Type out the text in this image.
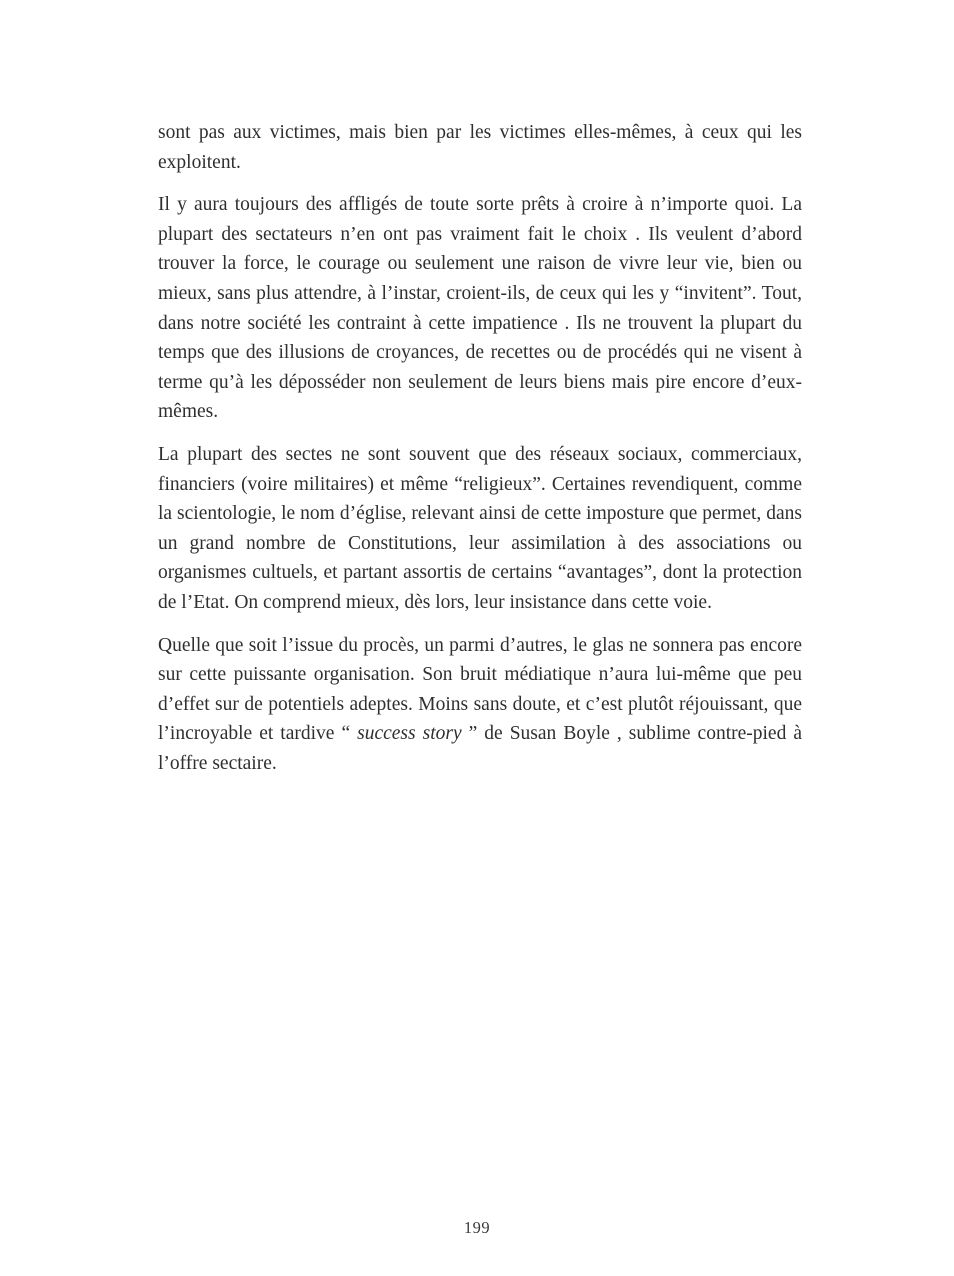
sont pas aux victimes, mais bien par les victimes elles-mêmes, à ceux qui les exploitent.

Il y aura toujours des affligés de toute sorte prêts à croire à n’importe quoi. La plupart des sectateurs n’en ont pas vraiment fait le choix . Ils veulent d’abord trouver la force, le courage ou seulement une raison de vivre leur vie, bien ou mieux, sans plus attendre, à l’instar, croient-ils, de ceux qui les y “invitent”. Tout, dans notre société les contraint à cette impatience . Ils ne trouvent la plupart du temps que des illusions de croyances, de recettes ou de procédés qui ne visent à terme qu’à les déposséder non seulement de leurs biens mais pire encore d’eux-mêmes.

La plupart des sectes ne sont souvent que des réseaux sociaux, commerciaux, financiers (voire militaires) et même “religieux”. Certaines revendiquent, comme la scientologie, le nom d’église, relevant ainsi de cette imposture que permet, dans un grand nombre de Constitutions, leur assimilation à des associations ou organismes cultuels, et partant assortis de certains “avantages”, dont la protection de l’Etat. On comprend mieux, dès lors, leur insistance dans cette voie.

Quelle que soit l’issue du procès, un parmi d’autres, le glas ne sonnera pas encore sur cette puissante organisation. Son bruit médiatique n’aura lui-même que peu d’effet sur de potentiels adeptes. Moins sans doute, et c’est plutôt réjouissant, que l’incroyable et tardive “ success story ” de Susan Boyle , sublime contre-pied à l’offre sectaire.

199
